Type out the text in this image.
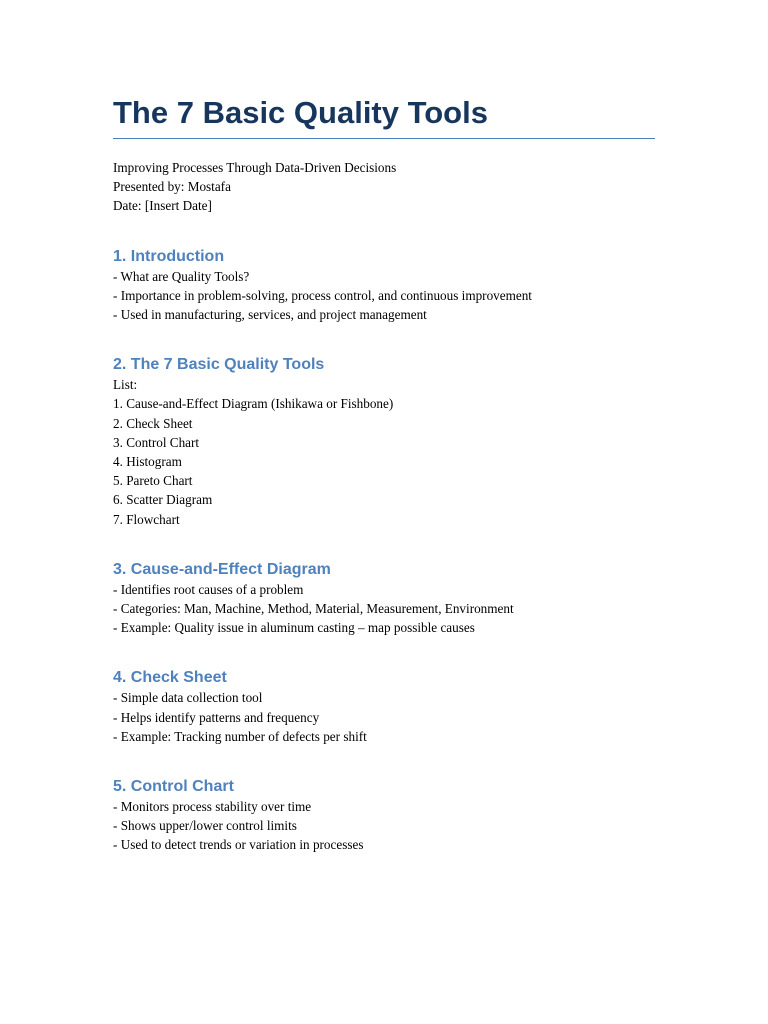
The 7 Basic Quality Tools

Improving Processes Through Data-Driven Decisions

Presented by: Mostafa

Date: [Insert Date]

1. Introduction

- What are Quality Tools?

- Importance in problem-solving, process control, and continuous improvement

- Used in manufacturing, services, and project management

2. The 7 Basic Quality Tools

List:

1. Cause-and-Effect Diagram (Ishikawa or Fishbone)

2. Check Sheet

3. Control Chart

4. Histogram

5. Pareto Chart

6. Scatter Diagram

7. Flowchart

3. Cause-and-Effect Diagram

- Identifies root causes of a problem

- Categories: Man, Machine, Method, Material, Measurement, Environment

- Example: Quality issue in aluminum casting – map possible causes

4. Check Sheet

- Simple data collection tool

- Helps identify patterns and frequency

- Example: Tracking number of defects per shift

5. Control Chart

- Monitors process stability over time

- Shows upper/lower control limits

- Used to detect trends or variation in processes
